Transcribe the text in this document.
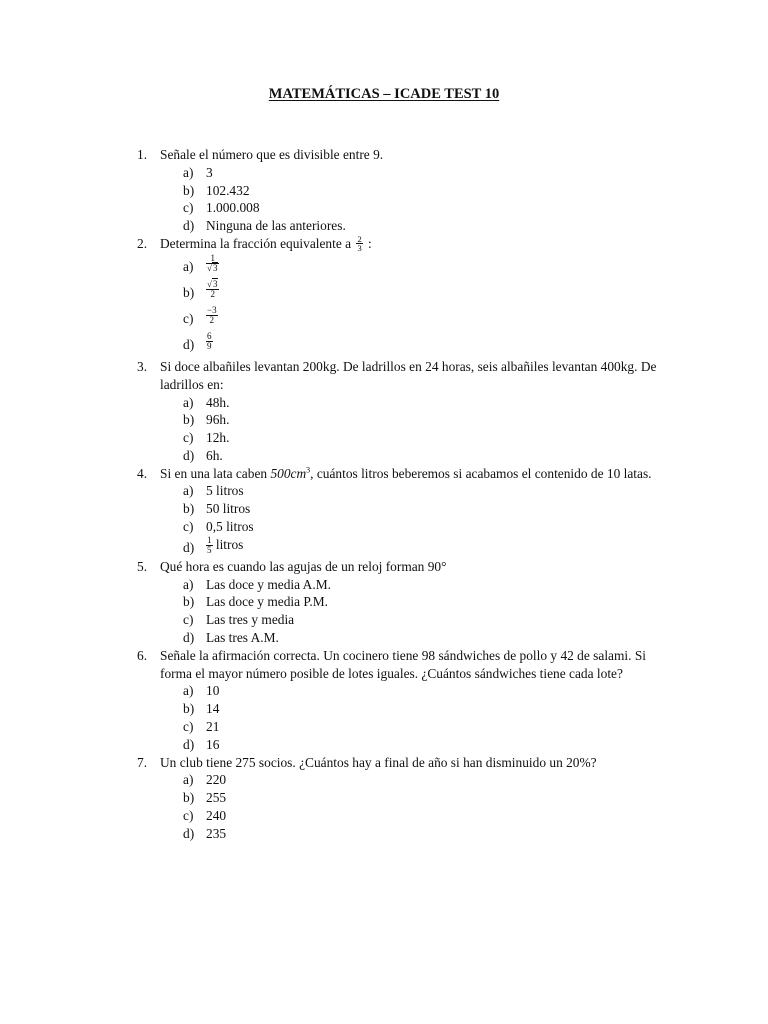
MATEMÁTICAS – ICADE TEST 10
1. Señale el número que es divisible entre 9.
a) 3
b) 102.432
c) 1.000.008
d) Ninguna de las anteriores.
2. Determina la fracción equivalente a $\frac{2}{3}$ :
$a) \frac{1}{√3}$
$b) \frac{√3}{2}$
$c) \frac{-3}{2}$
$d) \frac{6}{9}$
3. Si doce albañiles levantan 200kg. De ladrillos en 24 horas, seis albañiles levantan 400kg. De ladrillos en:
a) 48h.
b) 96h.
c) 12h.
d) 6h.
4. Si en una lata caben $500cm^3$, cuántos litros beberemos si acabamos el contenido de 10 latas.
a) 5 litros
b) 50 litros
c) 0,5 litros
$d) \frac{1}{5}$ litros
5. Qué hora es cuando las agujas de un reloj forman 90°
a) Las doce y media A.M.
b) Las doce y media P.M.
c) Las tres y media
d) Las tres A.M.
6. Señale la afirmación correcta. Un cocinero tiene 98 sándwiches de pollo y 42 de salami. Si forma el mayor número posible de lotes iguales. ¿Cuántos sándwiches tiene cada lote?
a) 10
b) 14
c) 21
d) 16
7. Un club tiene 275 socios. ¿Cuántos hay a final de año si han disminuido un 20%?
a) 220
b) 255
c) 240
d) 235
